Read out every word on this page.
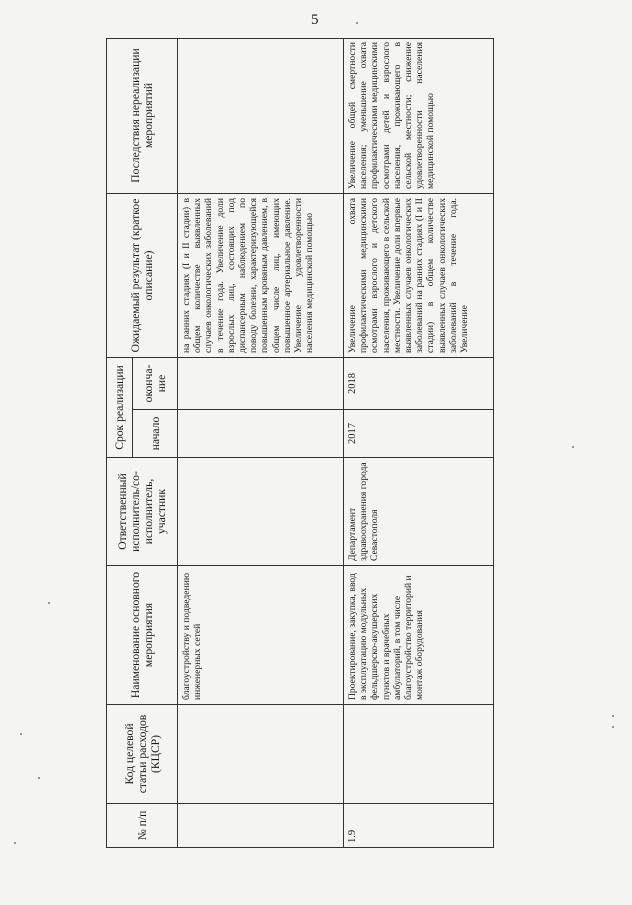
5
№ п/п
Код целевой статьи расходов (КЦСР)
Наименование основного мероприятия
Ответственный исполнитель/со-исполнитель, участник
Срок реализации	начало
оконча-ние
Ожидаемый результат (краткое описание)
Последствия нереализации мероприятий
благоустройству и подведению инженерных сетей
на ранних стадиях (I и II стадии) в общем количестве выявленных случаев онкологических заболеваний в течение года. Увеличение доли взрослых лиц, состоящих под диспансерным наблюдением по поводу болезни, характеризующейся повышенным кровяным давлением, в общем числе лиц, имеющих повышенное артериальное давление. Увеличение удовлетворенности населения медицинской помощью
1.9
Проектирование, закупка, ввод в эксплуатацию модульных фельдшерско-акушерских пунктов и врачебных амбулаторий, в том числе благоустройство территорий и монтаж оборудования
Департамент здравоохранения города Севастополя
2017
2018
Увеличение охвата профилактическими медицинскими осмотрами взрослого и детского населения, проживающего в сельской местности. Увеличение доли впервые выявленных случаев онкологических заболеваний на ранних стадиях (I и II стадии) в общем количестве выявленных случаев онкологических заболеваний в течение года. Увеличение
Увеличение общей смертности населения; уменьшение охвата профилактическими медицинскими осмотрами детей и взрослого населения, проживающего в сельской местности; снижение удовлетворенности населения медицинской помощью
